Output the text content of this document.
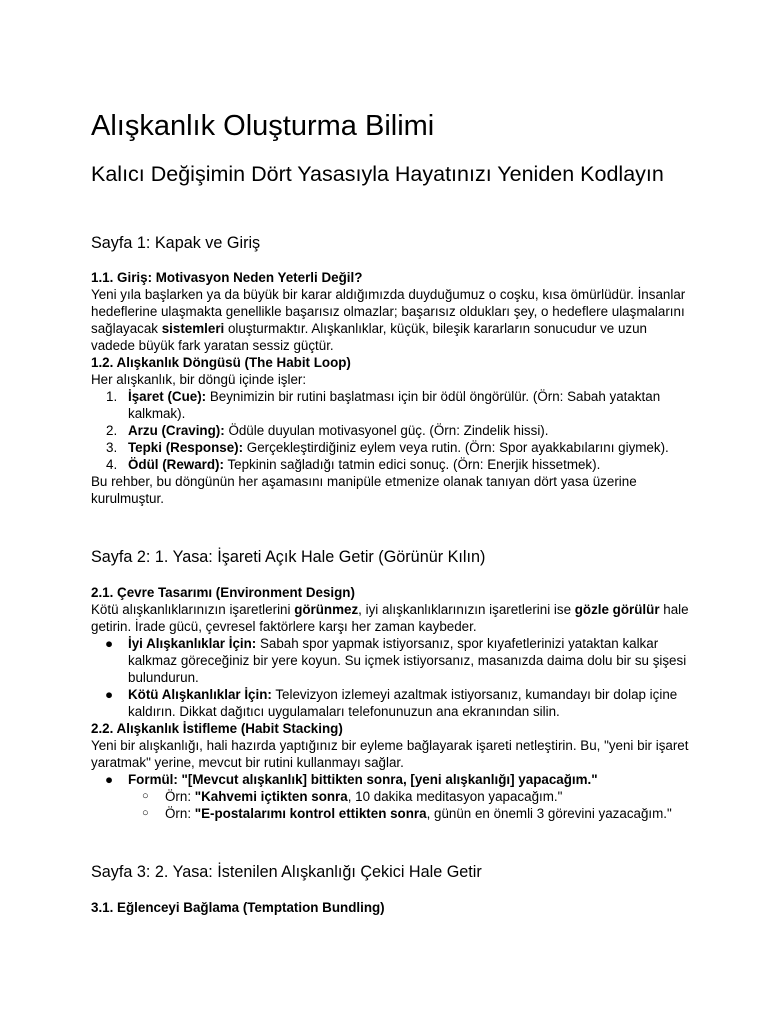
Alışkanlık Oluşturma Bilimi
Kalıcı Değişimin Dört Yasasıyla Hayatınızı Yeniden Kodlayın
Sayfa 1: Kapak ve Giriş

1.1. Giriş: Motivasyon Neden Yeterli Değil?

Yeni yıla başlarken ya da büyük bir karar aldığımızda duyduğumuz o coşku, kısa ömürlüdür. İnsanlar hedeflerine ulaşmakta genellikle başarısız olmazlar; başarısız oldukları şey, o hedeflere ulaşmalarını sağlayacak sistemleri oluşturmaktır. Alışkanlıklar, küçük, bileşik kararların sonucudur ve uzun vadede büyük fark yaratan sessiz güçtür.

1.2. Alışkanlık Döngüsü (The Habit Loop)

Her alışkanlık, bir döngü içinde işler:

1. İşaret (Cue): Beynimizin bir rutini başlatması için bir ödül öngörülür. (Örn: Sabah yataktan kalkmak).
2. Arzu (Craving): Ödüle duyulan motivasyonel güç. (Örn: Zindelik hissi).
3. Tepki (Response): Gerçekleştirdiğiniz eylem veya rutin. (Örn: Spor ayakkabılarını giymek).
4. Ödül (Reward): Tepkinin sağladığı tatmin edici sonuç. (Örn: Enerjik hissetmek).

Bu rehber, bu döngünün her aşamasını manipüle etmenize olanak tanıyan dört yasa üzerine kurulmuştur.

Sayfa 2: 1. Yasa: İşareti Açık Hale Getir (Görünür Kılın)

2.1. Çevre Tasarımı (Environment Design)

Kötü alışkanlıklarınızın işaretlerini görünmez, iyi alışkanlıklarınızın işaretlerini ise gözle görülür hale getirin. İrade gücü, çevresel faktörlere karşı her zaman kaybeder.

● İyi Alışkanlıklar İçin: Sabah spor yapmak istiyorsanız, spor kıyafetlerinizi yataktan kalkar kalkmaz göreceğiniz bir yere koyun. Su içmek istiyorsanız, masanızda daima dolu bir su şişesi bulundurun.
● Kötü Alışkanlıklar İçin: Televizyon izlemeyi azaltmak istiyorsanız, kumandayı bir dolap içine kaldırın. Dikkat dağıtıcı uygulamaları telefonunuzun ana ekranından silin.

2.2. Alışkanlık İstifleme (Habit Stacking)

Yeni bir alışkanlığı, hali hazırda yaptığınız bir eyleme bağlayarak işareti netleştirin. Bu, "yeni bir işaret yaratmak" yerine, mevcut bir rutini kullanmayı sağlar.

● Formül: "[Mevcut alışkanlık] bittikten sonra, [yeni alışkanlığı] yapacağım."
○ Örn: "Kahvemi içtikten sonra, 10 dakika meditasyon yapacağım."
○ Örn: "E-postalarımı kontrol ettikten sonra, günün en önemli 3 görevini yazacağım."
Sayfa 3: 2. Yasa: İstenilen Alışkanlığı Çekici Hale Getir

3.1. Eğlenceyi Bağlama (Temptation Bundling)
